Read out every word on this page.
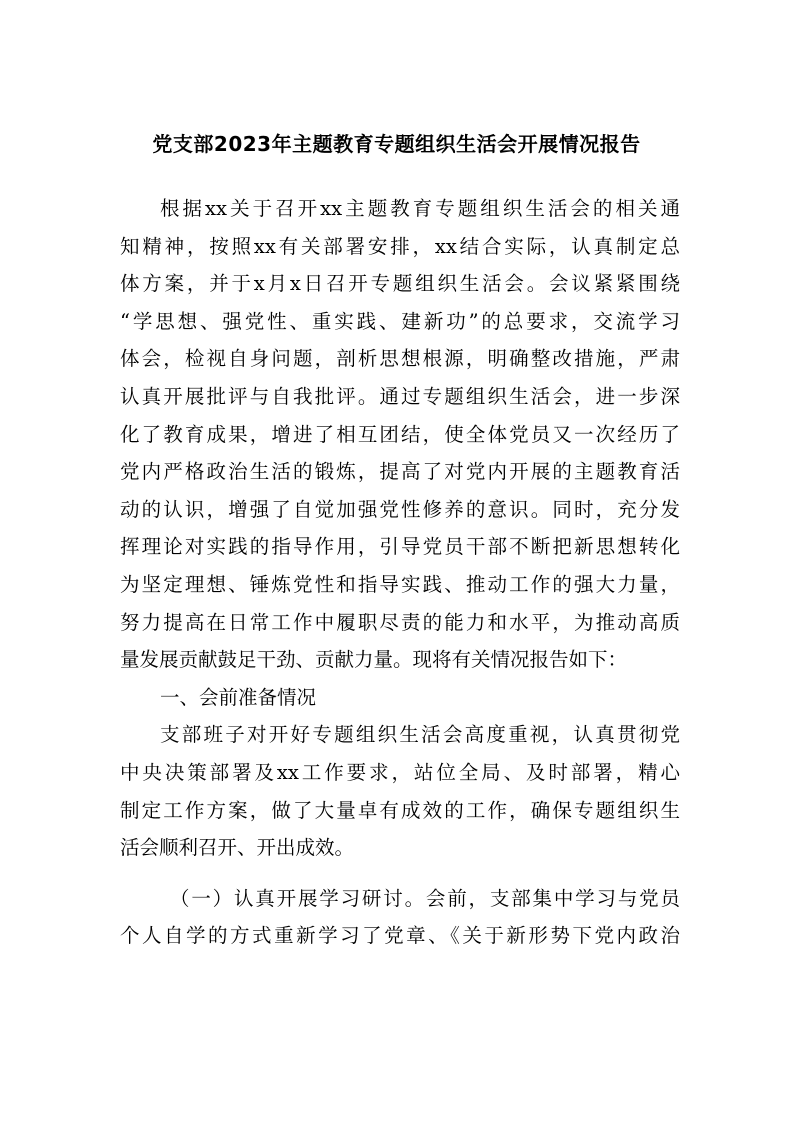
党支部2023年主题教育专题组织生活会开展情况报告
根据xx关于召开xx主题教育专题组织生活会的相关通
知精神，按照xx有关部署安排，xx结合实际，认真制定总
体方案，并于x月x日召开专题组织生活会。会议紧紧围绕
“学思想、强党性、重实践、建新功”的总要求，交流学习
体会，检视自身问题，剖析思想根源，明确整改措施，严肃
认真开展批评与自我批评。通过专题组织生活会，进一步深
化了教育成果，增进了相互团结，使全体党员又一次经历了
党内严格政治生活的锻炼，提高了对党内开展的主题教育活
动的认识，增强了自觉加强党性修养的意识。同时，充分发
挥理论对实践的指导作用，引导党员干部不断把新思想转化
为坚定理想、锤炼党性和指导实践、推动工作的强大力量，
努力提高在日常工作中履职尽责的能力和水平，为推动高质
量发展贡献鼓足干劲、贡献力量。现将有关情况报告如下：
一、会前准备情况
支部班子对开好专题组织生活会高度重视，认真贯彻党
中央决策部署及xx工作要求，站位全局、及时部署，精心
制定工作方案，做了大量卓有成效的工作，确保专题组织生
活会顺利召开、开出成效。
（一）认真开展学习研讨。会前，支部集中学习与党员
个人自学的方式重新学习了党章、《关于新形势下党内政治
